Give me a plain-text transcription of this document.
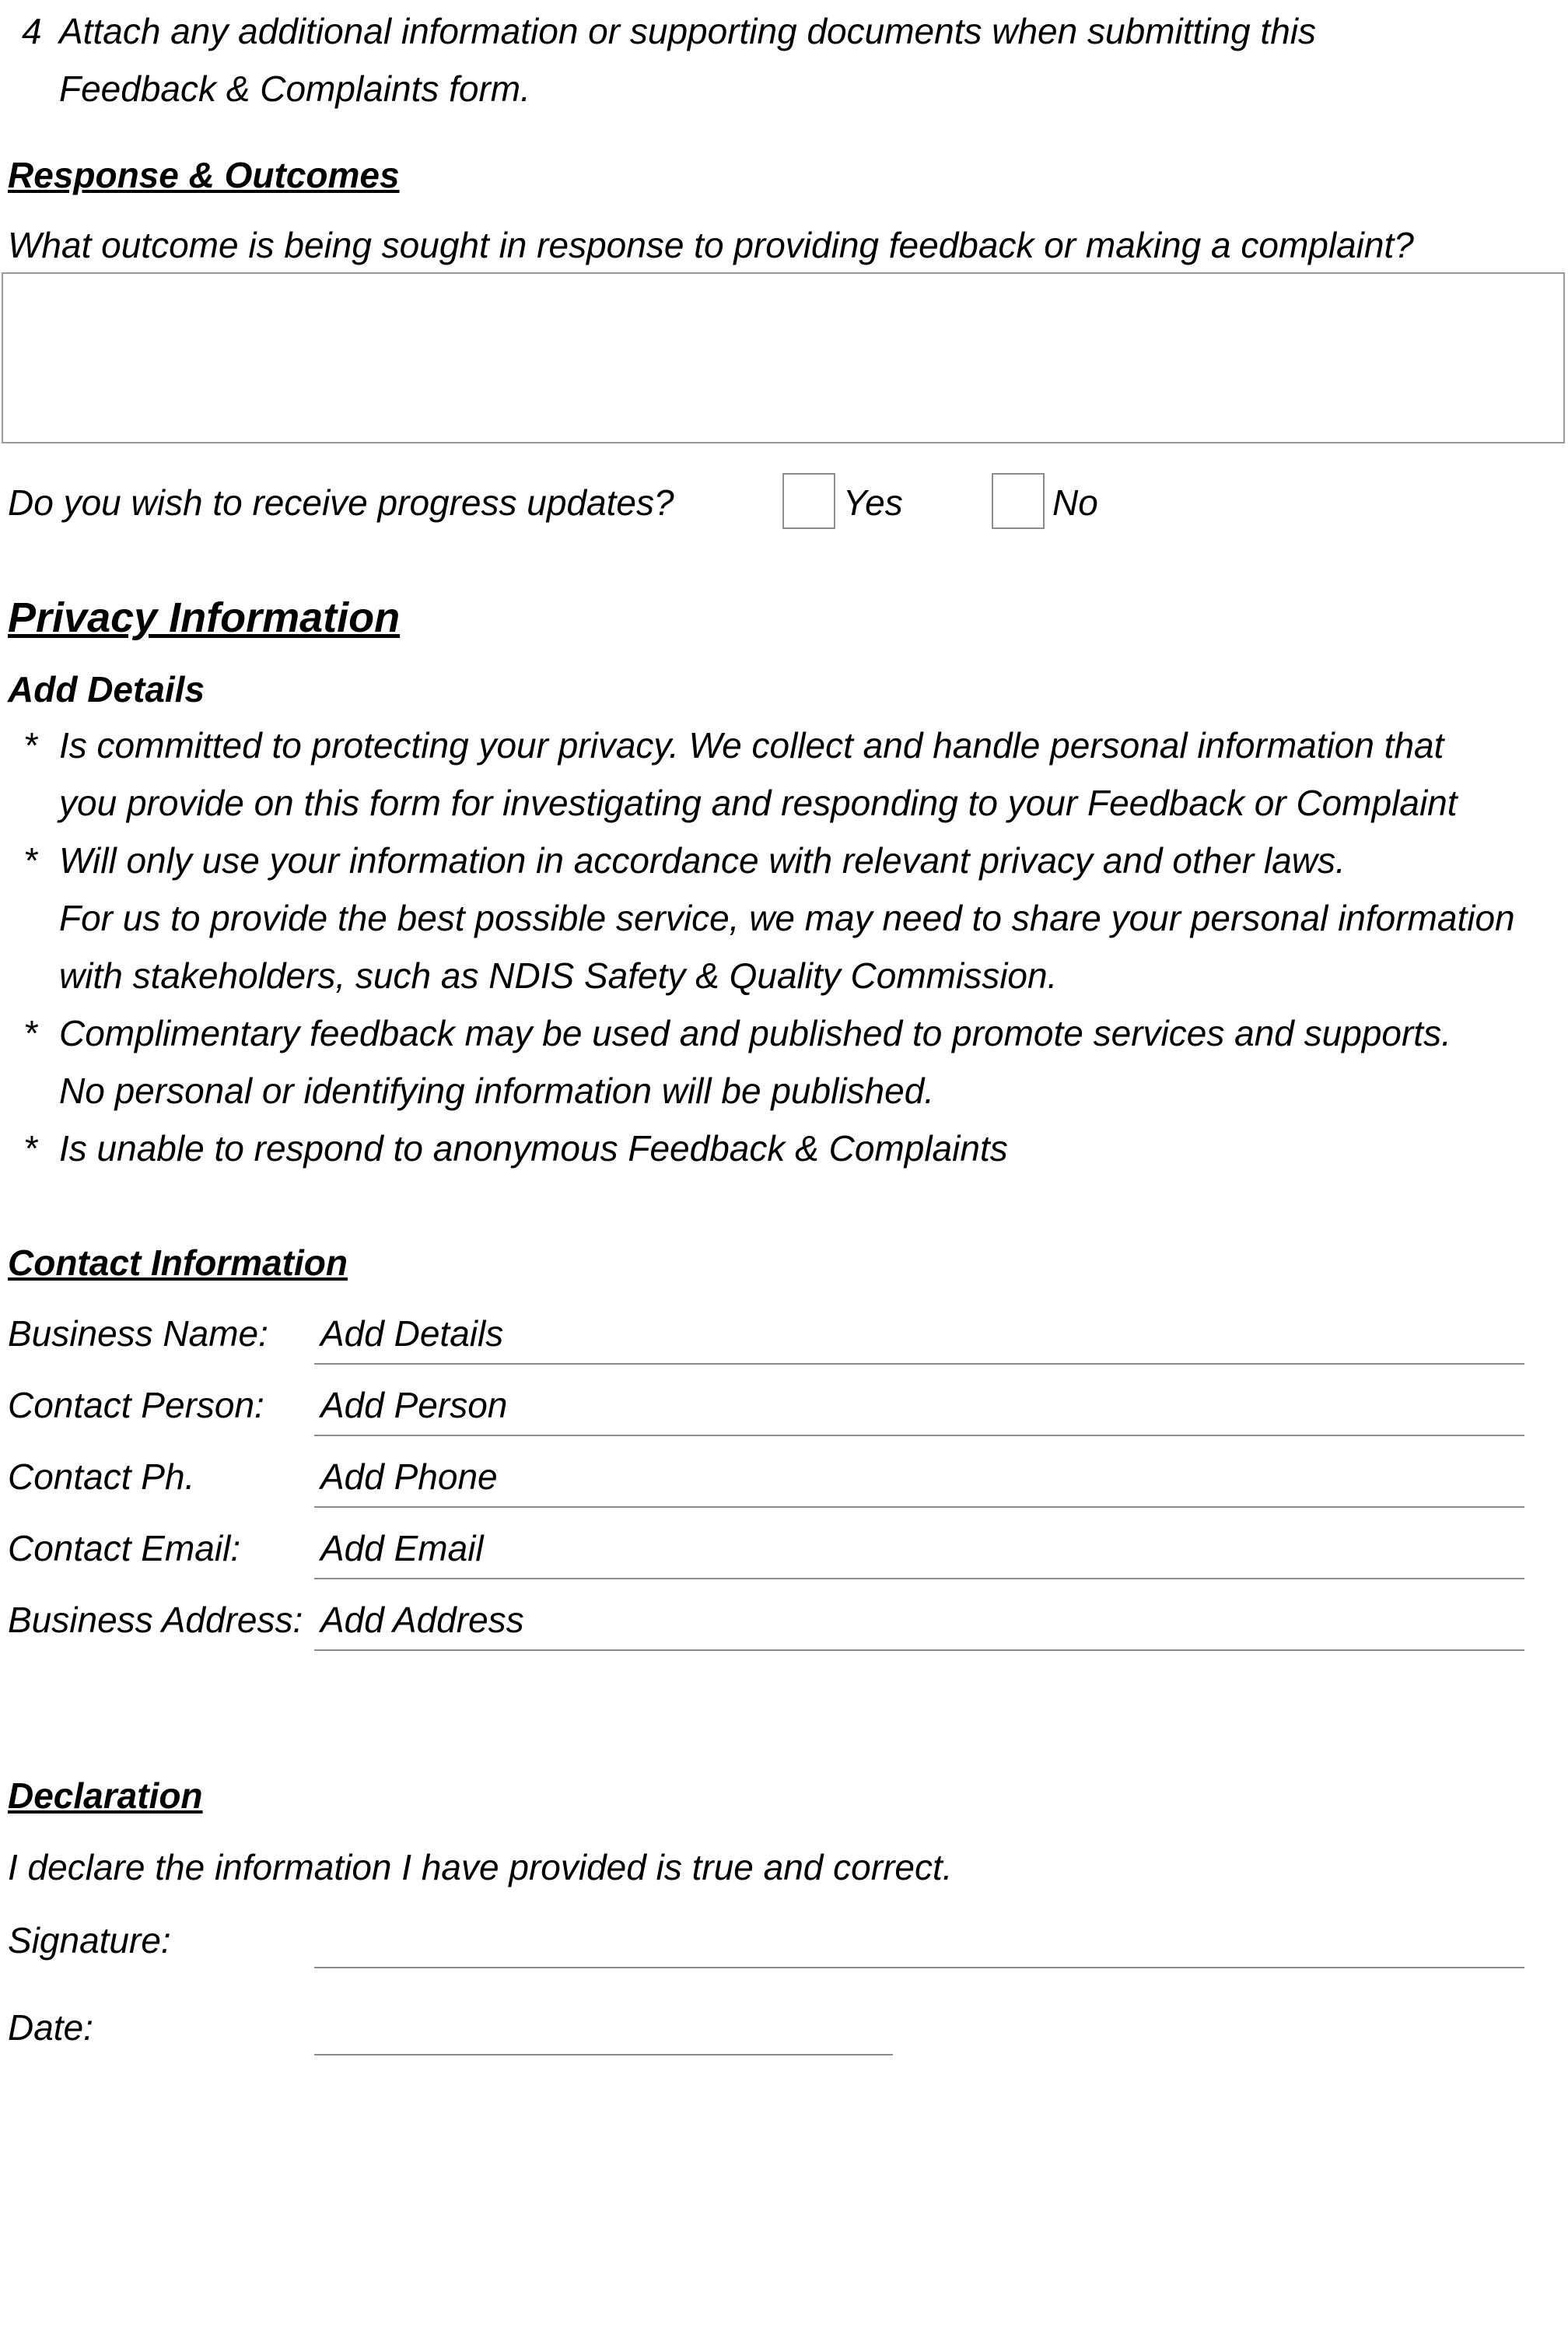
4 Attach any additional information or supporting documents when submitting this
Feedback & Complaints form.
Response & Outcomes
What outcome is being sought in response to providing feedback or making a complaint?
Do you wish to receive progress updates?	Yes	No
Privacy Information
Add Details
* Is committed to protecting your privacy. We collect and handle personal information that
you provide on this form for investigating and responding to your Feedback or Complaint
* Will only use your information in accordance with relevant privacy and other laws.
For us to provide the best possible service, we may need to share your personal information
with stakeholders, such as NDIS Safety & Quality Commission.
* Complimentary feedback may be used and published to promote services and supports.
No personal or identifying information will be published.
* Is unable to respond to anonymous Feedback & Complaints
Contact Information
Business Name: Add Details
Contact Person: Add Person
Contact Ph.	Add Phone
Contact Email: Add Email
Business Address: Add Address
Declaration
I declare the information I have provided is true and correct.
Signature:
Date:
